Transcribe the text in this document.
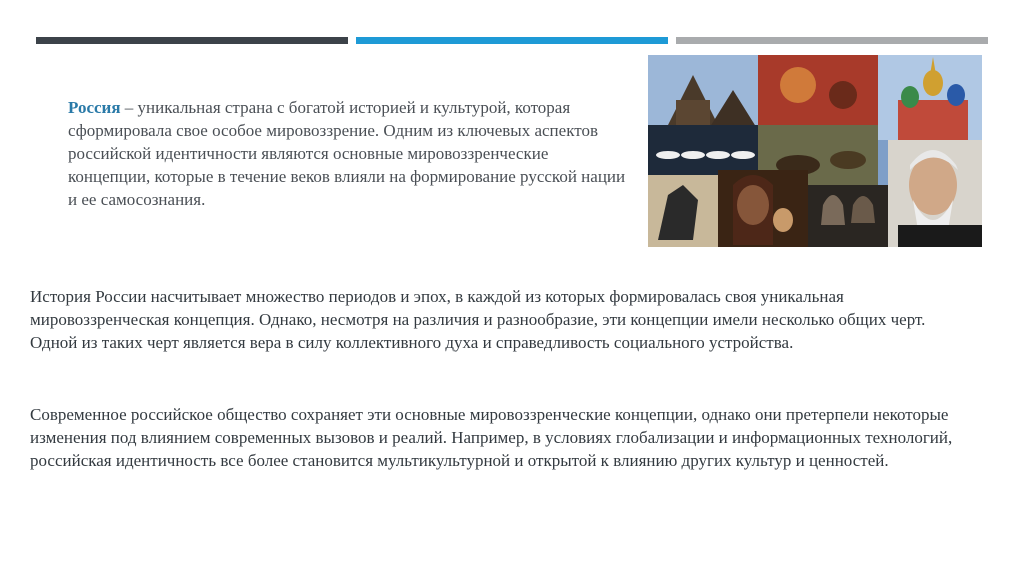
Россия – уникальная страна с богатой историей и культурой, которая сформировала свое особое мировоззрение. Одним из ключевых аспектов российской идентичности являются основные мировоззренческие концепции, которые в течение веков влияли на формирование русской нации и ее самосознания.
История России насчитывает множество периодов и эпох, в каждой из которых формировалась своя уникальная мировоззренческая концепция. Однако, несмотря на различия и разнообразие, эти концепции имели несколько общих черт. Одной из таких черт является вера в силу коллективного духа и справедливость социального устройства.
Современное российское общество сохраняет эти основные мировоззренческие концепции, однако они претерпели некоторые изменения под влиянием современных вызовов и реалий. Например, в условиях глобализации и информационных технологий, российская идентичность все более становится мультикультурной и открытой к влиянию других культур и ценностей.
